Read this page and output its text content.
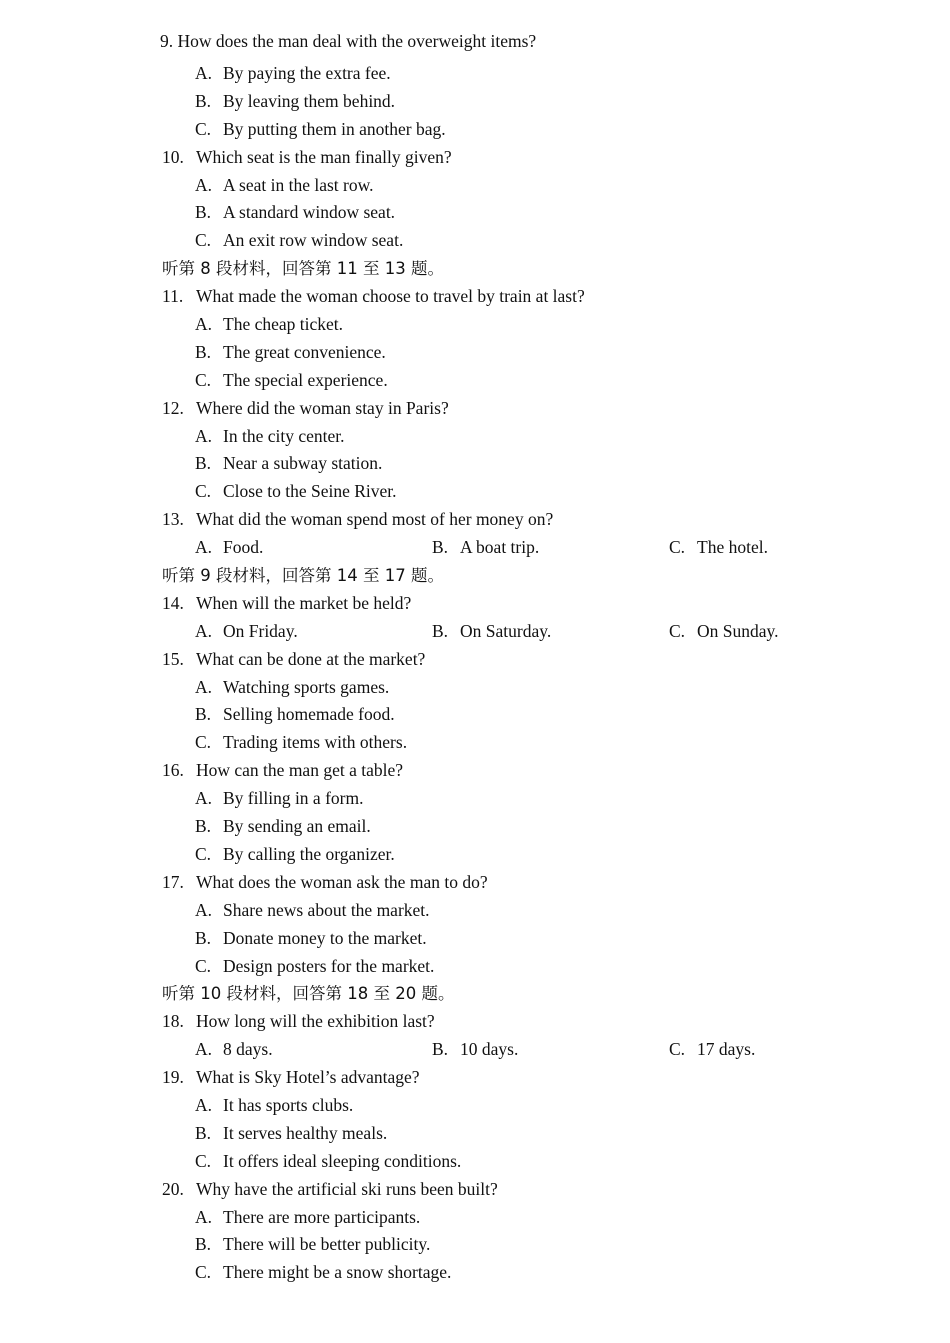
9. How does the man deal with the overweight items?
A. By paying the extra fee.
B. By leaving them behind.
C. By putting them in another bag.
10. Which seat is the man finally given?
A. A seat in the last row.
B. A standard window seat.
C. An exit row window seat.
听第 8 段材料，回答第 11 至 13 题。
11. What made the woman choose to travel by train at last?
A. The cheap ticket.
B. The great convenience.
C. The special experience.
12. Where did the woman stay in Paris?
A. In the city center.
B. Near a subway station.
C. Close to the Seine River.
13. What did the woman spend most of her money on?
A. Food.	B. A boat trip.	C. The hotel.
听第 9 段材料，回答第 14 至 17 题。
14. When will the market be held?
A. On Friday.	B. On Saturday.	C. On Sunday.
15. What can be done at the market?
A. Watching sports games.
B. Selling homemade food.
C. Trading items with others.
16. How can the man get a table?
A. By filling in a form.
B. By sending an email.
C. By calling the organizer.
17. What does the woman ask the man to do?
A. Share news about the market.
B. Donate money to the market.
C. Design posters for the market.
听第 10 段材料，回答第 18 至 20 题。
18. How long will the exhibition last?
A. 8 days.	B. 10 days.	C. 17 days.
19. What is Sky Hotel’s advantage?
A. It has sports clubs.
B. It serves healthy meals.
C. It offers ideal sleeping conditions.
20. Why have the artificial ski runs been built?
A. There are more participants.
B. There will be better publicity.
C. There might be a snow shortage.
